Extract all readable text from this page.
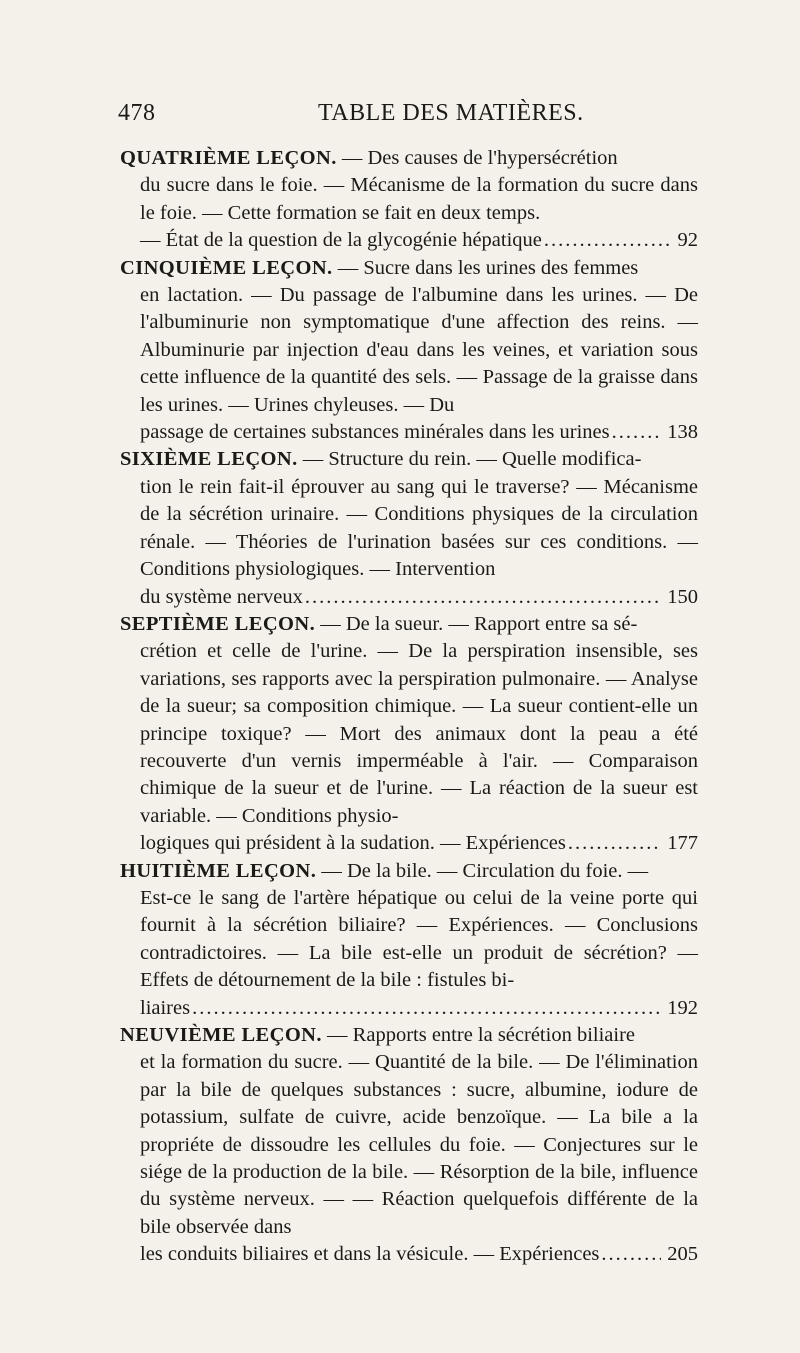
478	TABLE DES MATIÈRES.
QUATRIÈME LEÇON. — Des causes de l'hypersécrétion
du sucre dans le foie. — Mécanisme de la formation du sucre dans le foie. — Cette formation se fait en deux temps.
— État de la question de la glycogénie hépatique .....	92
CINQUIÈME LEÇON. — Sucre dans les urines des femmes
en lactation. — Du passage de l'albumine dans les urines. — De l'albuminurie non symptomatique d'une affection des reins. — Albuminurie par injection d'eau dans les veines, et variation sous cette influence de la quantité des sels. — Passage de la graisse dans les urines. — Urines chyleuses. — Du
passage de certaines substances minérales dans les urines .....	138
SIXIÈME LEÇON. — Structure du rein. — Quelle modifica-
tion le rein fait-il éprouver au sang qui le traverse? — Mécanisme de la sécrétion urinaire. — Conditions physiques de la circulation rénale. — Théories de l'urination basées sur ces conditions. — Conditions physiologiques. — Intervention
du système nerveux .....	150
SEPTIÈME LEÇON. — De la sueur. — Rapport entre sa sé-
crétion et celle de l'urine. — De la perspiration insensible, ses variations, ses rapports avec la perspiration pulmonaire. — Analyse de la sueur; sa composition chimique. — La sueur contient-elle un principe toxique? — Mort des animaux dont la peau a été recouverte d'un vernis imperméable à l'air. — Comparaison chimique de la sueur et de l'urine. — La réaction de la sueur est variable. — Conditions physio-
logiques qui président à la sudation. — Expériences .....	177
HUITIÈME LEÇON. — De la bile. — Circulation du foie. —
Est-ce le sang de l'artère hépatique ou celui de la veine porte qui fournit à la sécrétion biliaire? — Expériences. — Conclusions contradictoires. — La bile est-elle un produit de sécrétion? — Effets de détournement de la bile : fistules bi-
liaires .....	192
NEUVIÈME LEÇON. — Rapports entre la sécrétion biliaire
et la formation du sucre. — Quantité de la bile. — De l'élimination par la bile de quelques substances : sucre, albumine, iodure de potassium, sulfate de cuivre, acide benzoïque. — La bile a la propriéte de dissoudre les cellules du foie. — Conjectures sur le siége de la production de la bile. — Résorption de la bile, influence du système nerveux. — — Réaction quelquefois différente de la bile observée dans
les conduits biliaires et dans la vésicule. — Expériences .....	205
